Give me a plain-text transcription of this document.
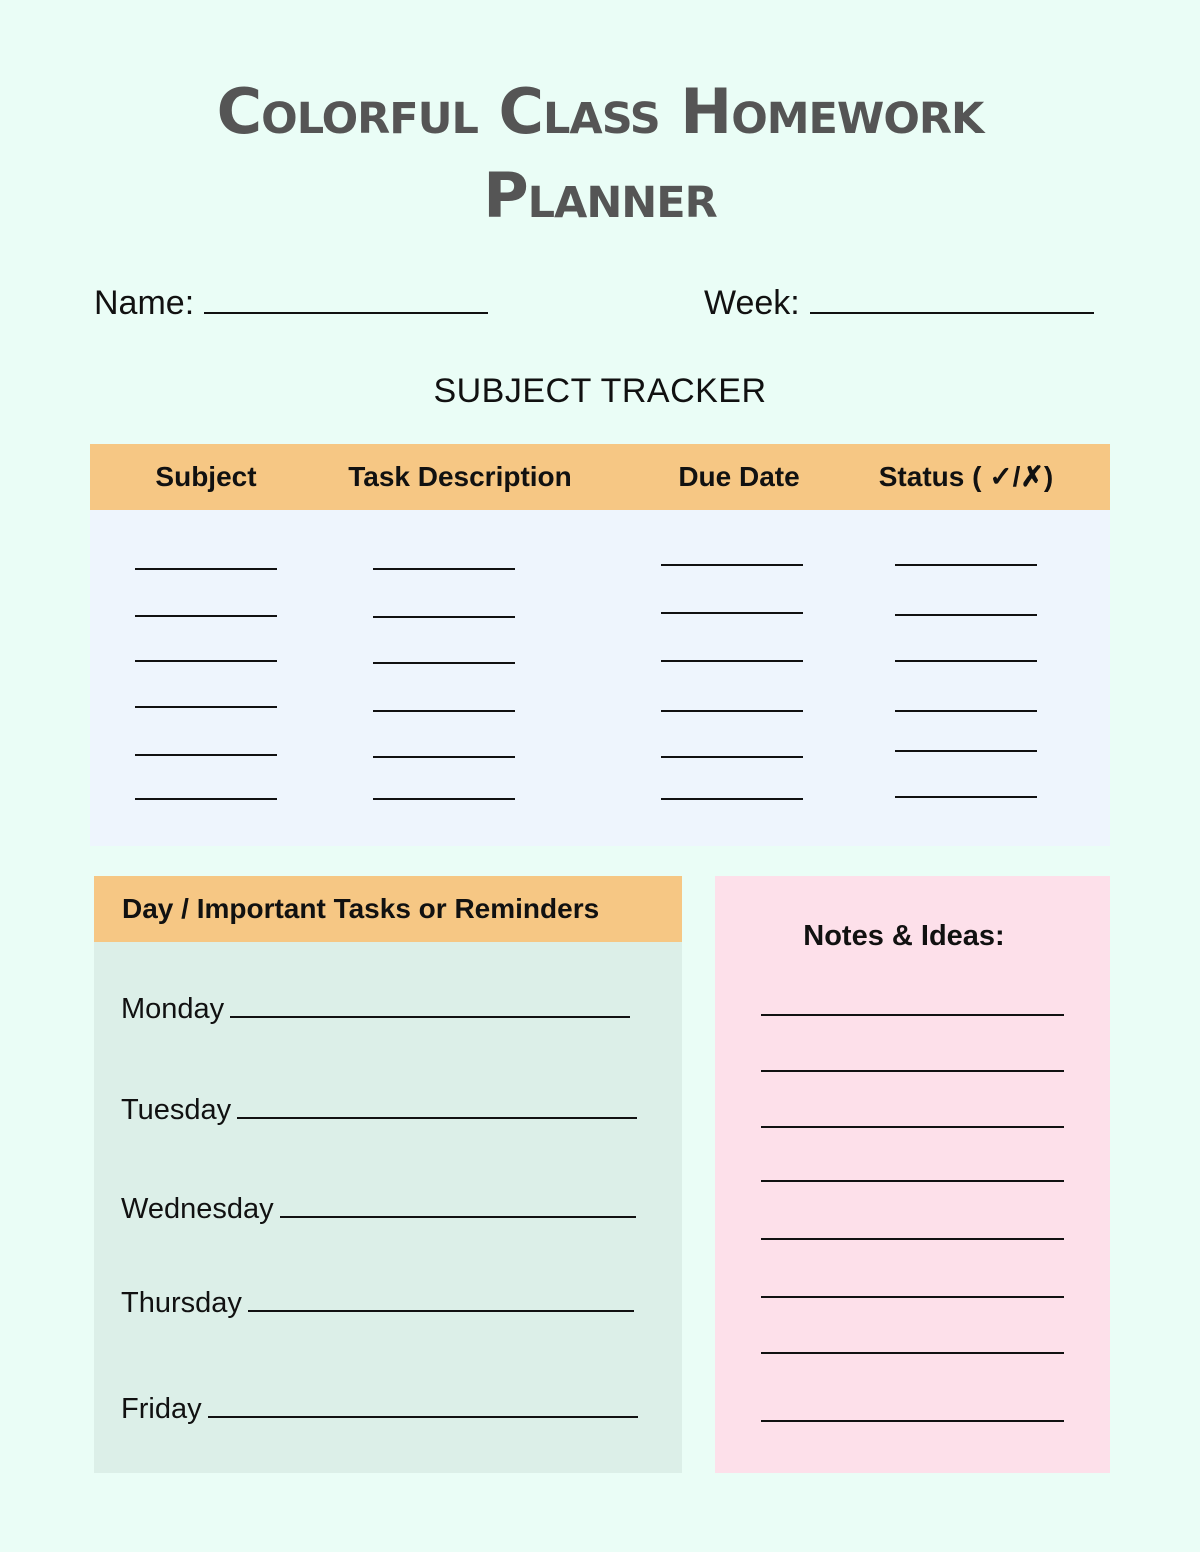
Colorful Class Homework
Planner
Name:	Week:
SUBJECT TRACKER
Subject	Task Description	Due Date	Status ( ✓/✗)
Day / Important Tasks or Reminders
Monday
Tuesday
Wednesday
Thursday
Friday
Notes & Ideas:
